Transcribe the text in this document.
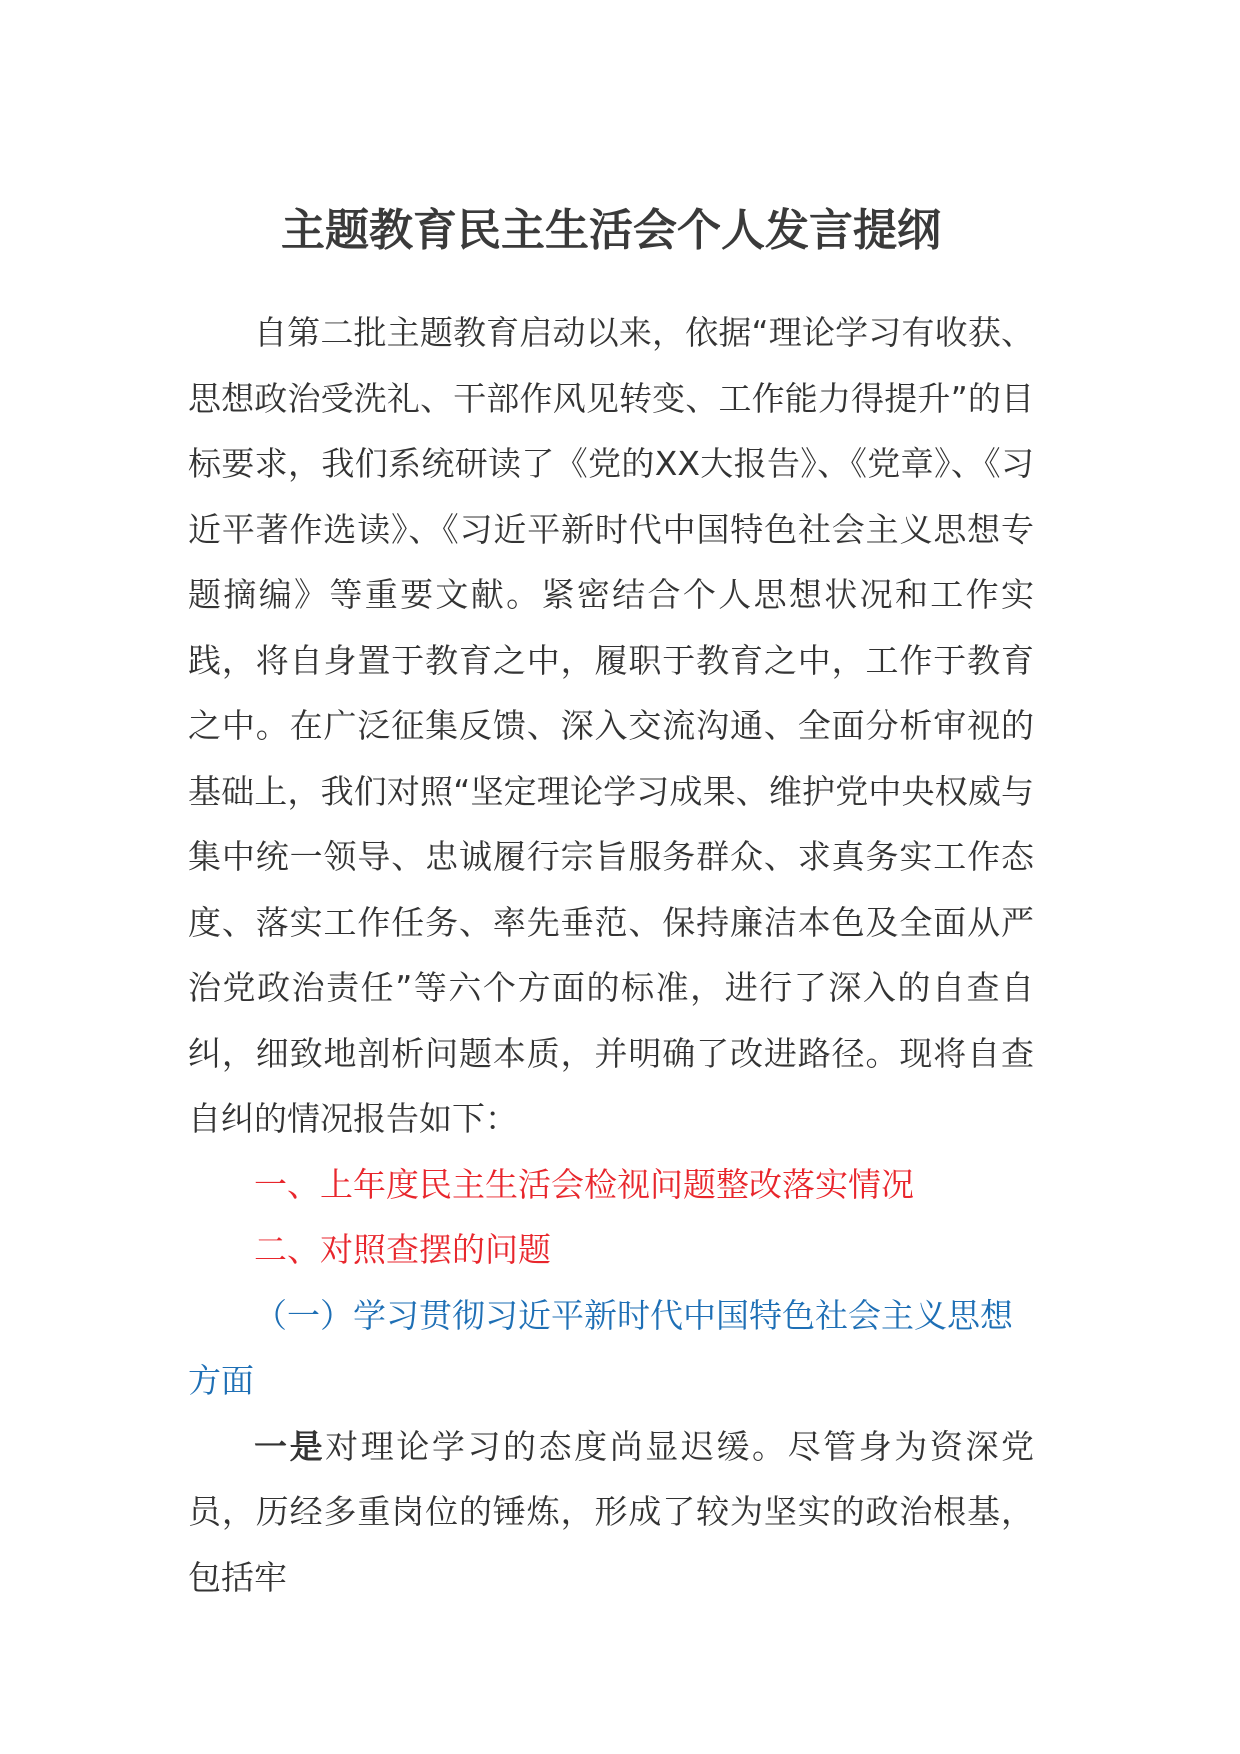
主题教育民主生活会个人发言提纲

自第二批主题教育启动以来，依据“理论学习有收获、思想政治受洗礼、干部作风见转变、工作能力得提升”的目标要求，我们系统研读了《党的XX大报告》、《党章》、《习近平著作选读》、《习近平新时代中国特色社会主义思想专题摘编》等重要文献。紧密结合个人思想状况和工作实践，将自身置于教育之中，履职于教育之中，工作于教育之中。在广泛征集反馈、深入交流沟通、全面分析审视的基础上，我们对照“坚定理论学习成果、维护党中央权威与集中统一领导、忠诚履行宗旨服务群众、求真务实工作态度、落实工作任务、率先垂范、保持廉洁本色及全面从严治党政治责任”等六个方面的标准，进行了深入的自查自纠，细致地剖析问题本质，并明确了改进路径。现将自查自纠的情况报告如下：

一、上年度民主生活会检视问题整改落实情况

二、对照查摆的问题

（一）学习贯彻习近平新时代中国特色社会主义思想方面

一是对理论学习的态度尚显迟缓。尽管身为资深党员，历经多重岗位的锤炼，形成了较为坚实的政治根基，包括牢
